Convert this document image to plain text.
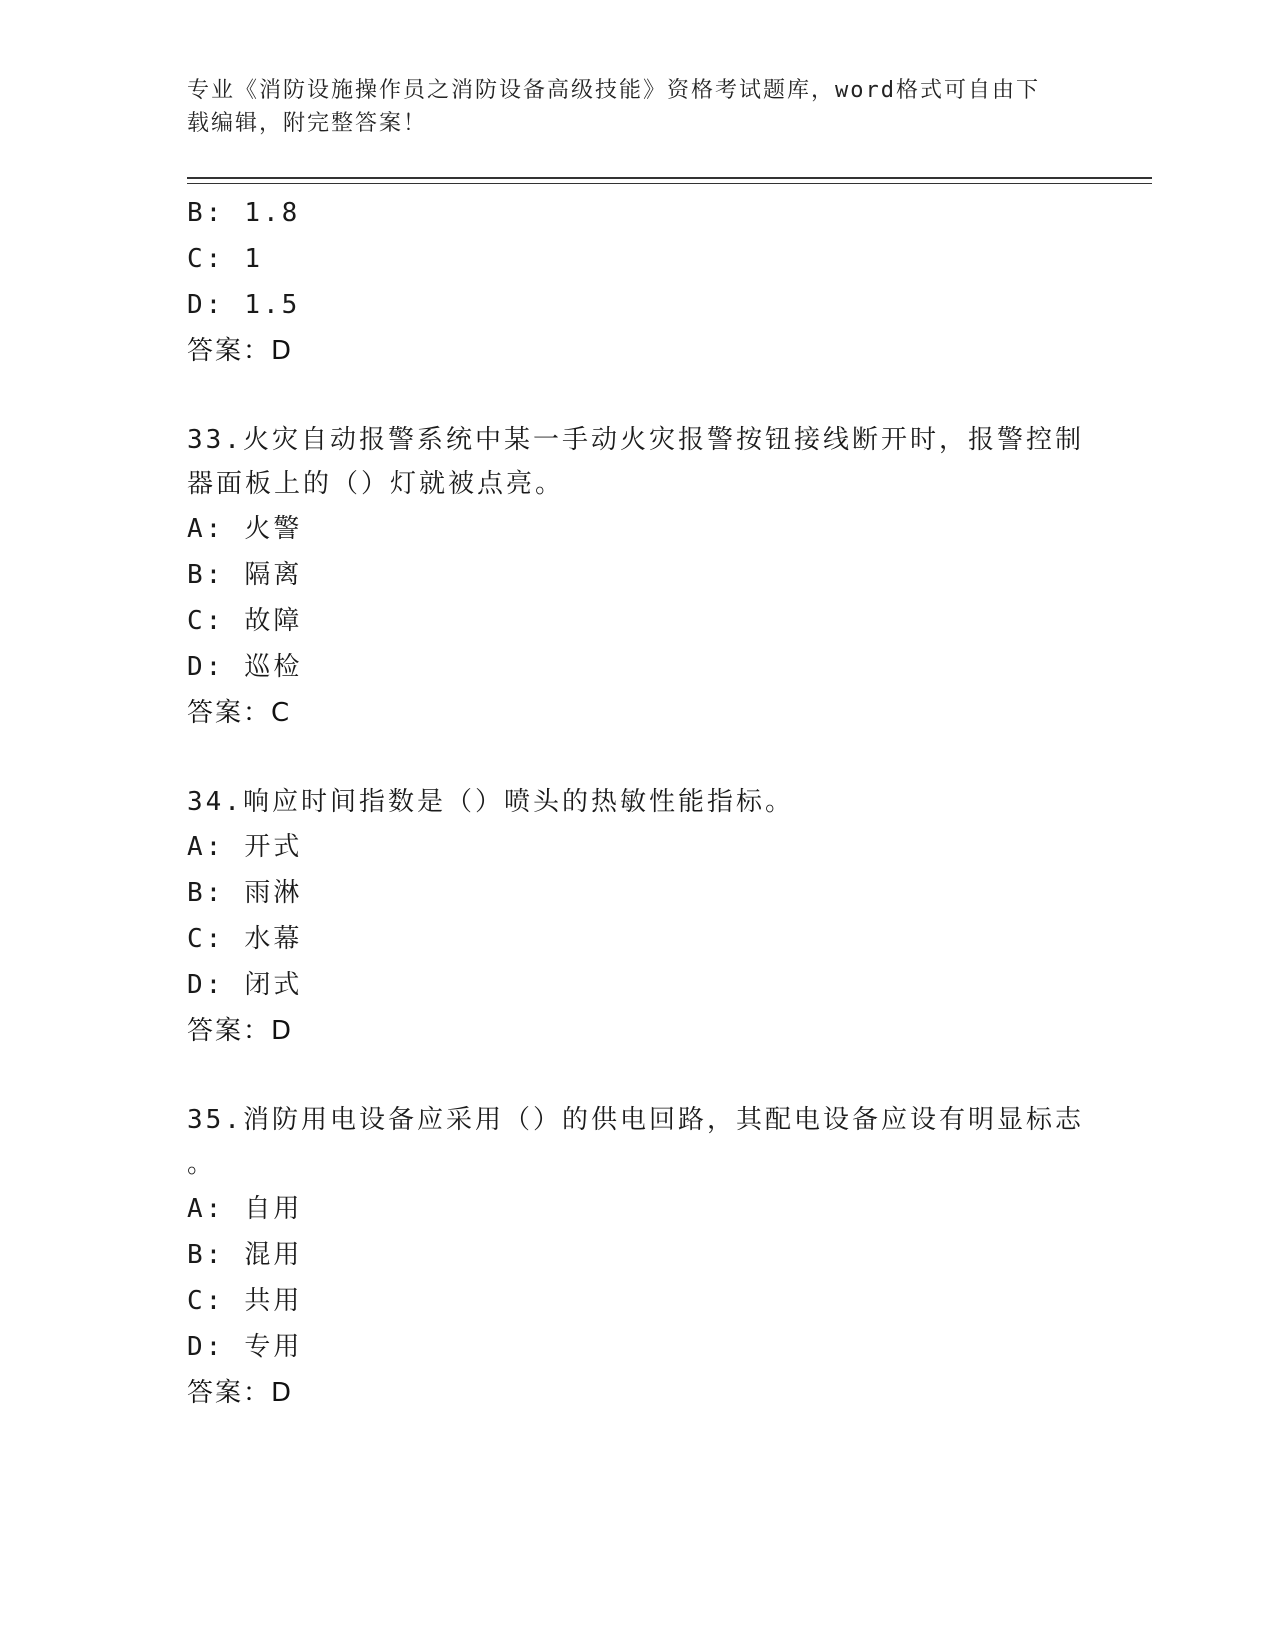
专业《消防设施操作员之消防设备高级技能》资格考试题库，word格式可自由下
载编辑，附完整答案！
B: 1.8
C: 1
D: 1.5
答案：D
33.火灾自动报警系统中某一手动火灾报警按钮接线断开时，报警控制
器面板上的（）灯就被点亮。
A: 火警
B: 隔离
C: 故障
D: 巡检
答案：C
34.响应时间指数是（）喷头的热敏性能指标。
A: 开式
B: 雨淋
C: 水幕
D: 闭式
答案：D
35.消防用电设备应采用（）的供电回路，其配电设备应设有明显标志
。
A: 自用
B: 混用
C: 共用
D: 专用
答案：D
